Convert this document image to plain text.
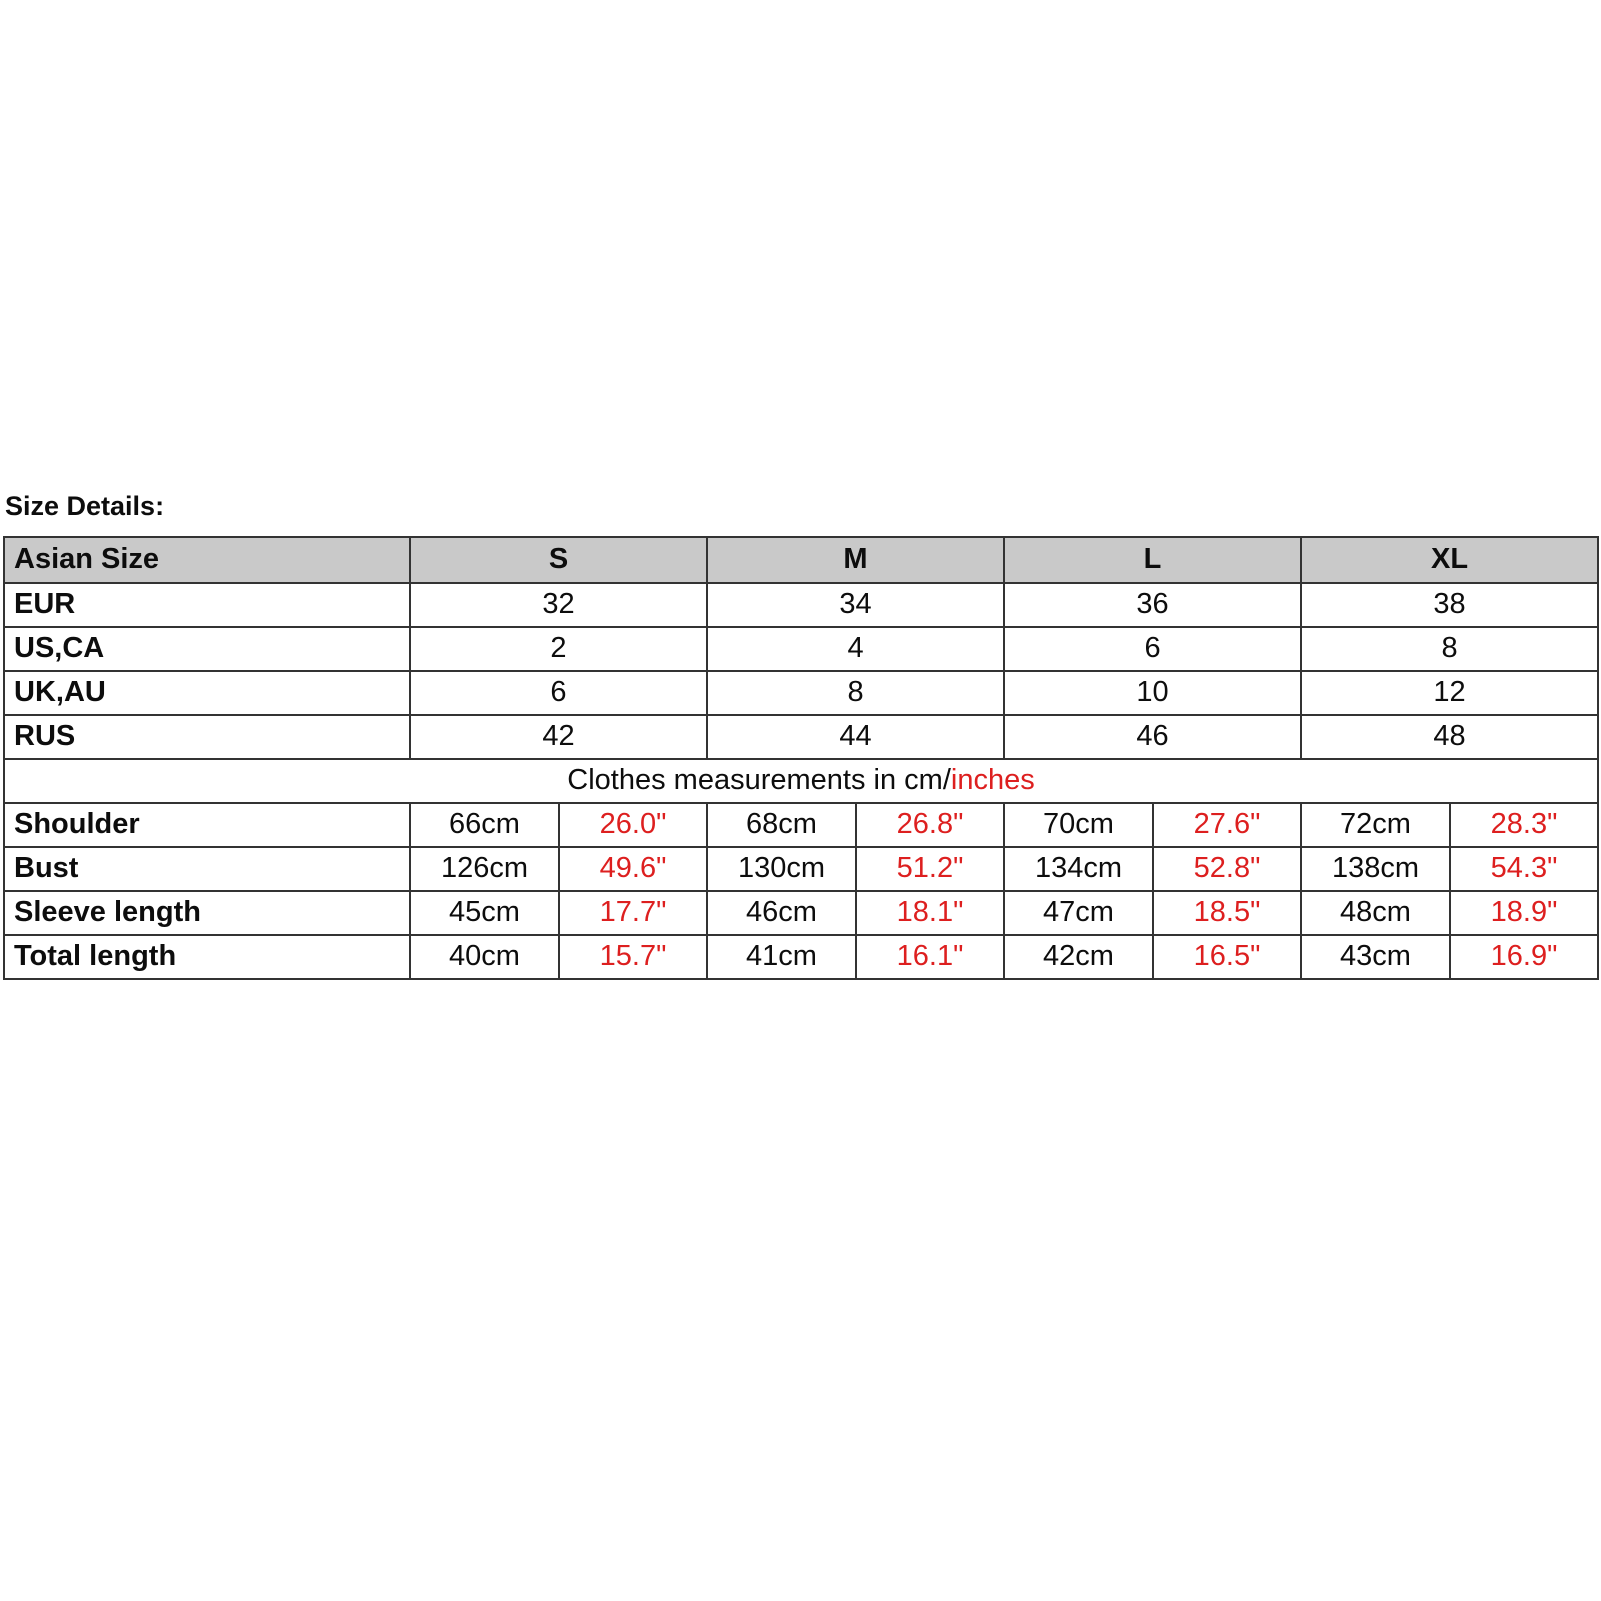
Size Details:
Asian Size	S		M		L		XL	
EUR	32		34		36		38	
US,CA	2		4		6		8	
UK,AU	6		8		10		12	
RUS	42		44		46		48	
Clothes measurements in cm/inches								
Shoulder	66cm	26.0"	68cm	26.8"	70cm	27.6"	72cm	28.3"
Bust	126cm	49.6"	130cm	51.2"	134cm	52.8"	138cm	54.3"
Sleeve length	45cm	17.7"	46cm	18.1"	47cm	18.5"	48cm	18.9"
Total length	40cm	15.7"	41cm	16.1"	42cm	16.5"	43cm	16.9"
